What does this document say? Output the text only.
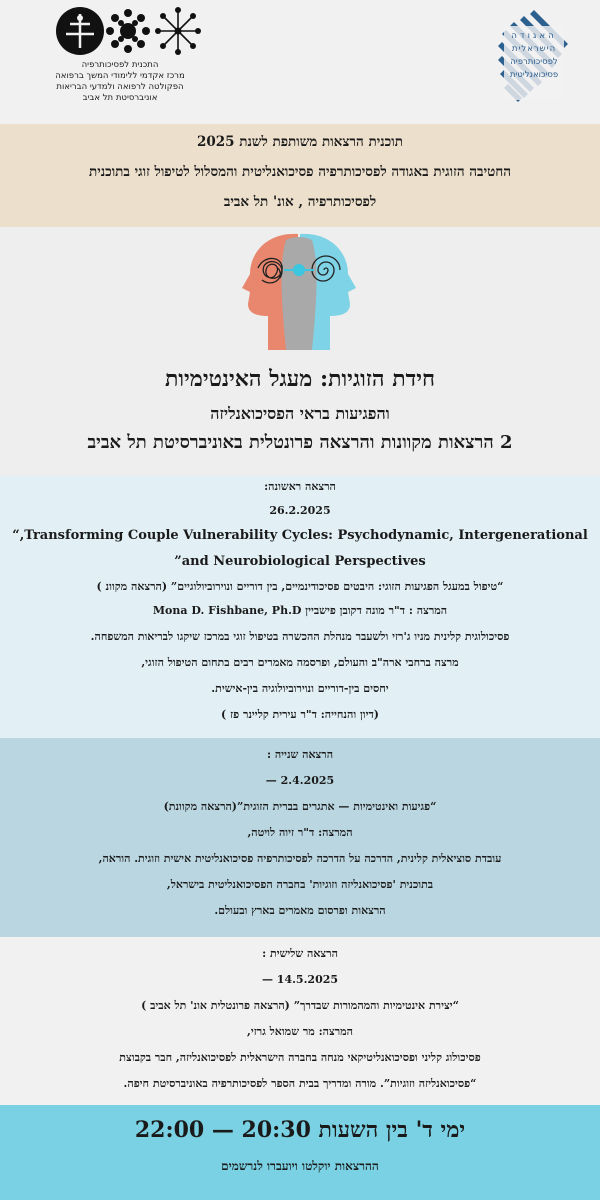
האגודה
הישראלית
לפסיכותרפיה
פסיכואנליטית
התכנית לפסיכותרפיה
מרכז אקדמי ללימודי המשך ברפואה
הפקולטה לרפואה ולמדעי הבריאות
אוניברסיטת תל אביב
תוכנית הרצאות משותפת לשנת 2025
החטיבה הזוגית באגודה לפסיכותרפיה פסיכואנליטית והמסלול לטיפול זוגי בתוכנית
לפסיכותרפיה , אונ' תל אביב
חידת הזוגיות: מעגל האינטימיות
והפגיעות בראי הפסיכואנליזה
2 הרצאות מקוונות והרצאה פרונטלית באוניברסיטת תל אביב
הרצאה ראשונה:
26.2.2025
Transforming Couple Vulnerability Cycles: Psychodynamic, Intergenerational,“
and Neurobiological Perspectives”
“טיפול במעגל הפגיעות הזוגי: היבטים פסיכודינמיים, בין דוריים ונוירוביולוגיים” (הרצאה מקוונ )
המרצה : ד"ר מונה דקובן פישביין Mona D. Fishbane, Ph.D
פסיכולוגית קלינית מניו ג'רזי ולשעבר מנהלת ההכשרה בטיפול זוגי במרכז שיקגו לבריאות המשפחה.
מרצה ברחבי ארה"ב והעולם, ופרסמה מאמרים רבים בתחום הטיפול הזוגי,
יחסים בין-דוריים ונוירוביולוגיה בין-אישית.
(דיון והנחייה: ד"ר עירית קליינר פז )
הרצאה שנייה :
2.4.2025 —
“פגיעות ואינטימיות — אתגרים בברית הזוגית”(הרצאה מקוונת)
המרצה: ד"ר זיוה לויטה,
עובדת סוציאלית קלינית, הדרכה על הדרכה לפסיכותרפיה פסיכואנליטית אישית וזוגית. הוראה,
בתוכנית 'פסיכואנליזה וזוגיות' בחברה הפסיכואנליטית בישראל,
הרצאות ופרסום מאמרים בארץ ובעולם.
הרצאה שלישית :
14.5.2025 —
“יצירת אינטימיות והמהמורות שבדרך” (הרצאה פרונטלית אונ' תל אביב )
המרצה: מר שמואל גרזי,
פסיכולוג קליני ופסיכואנליטיקאי מנחה בחברה הישראלית לפסיכואנליזה, חבר בקבוצת
“פסיכואנליזה וזוגיות”. מורה ומדריך בבית הספר לפסיכותרפיה באוניברסיטת חיפה.
ימי ד' בין השעות 20:30 — 22:00
ההרצאות יוקלטו ויועברו לנרשמים
